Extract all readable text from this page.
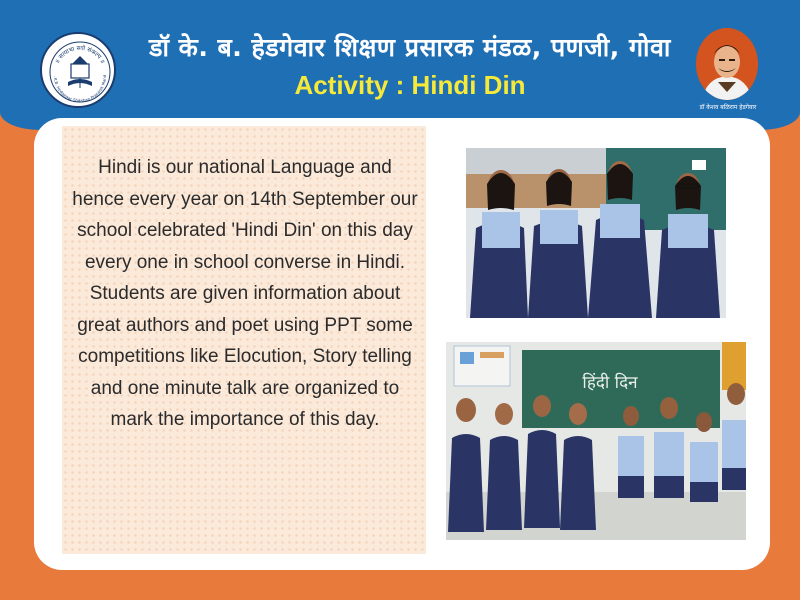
॥ सत्याचा सत्ते संकल्प ॥
. K.B. Hedgewar Shikshan Prasarak Mand
डॉ के. ब. हेडगेवार शिक्षण प्रसारक मंडळ, पणजी, गोवा
Activity : Hindi Din
डॉ केशव बळिराम हेडगेवार
Hindi is our national Language and hence every year on 14th September our school celebrated 'Hindi Din' on this day every one in school converse in Hindi. Students are given information about great authors and poet using PPT some competitions like Elocution, Story telling and one minute talk are organized to mark the importance of this day.
हिंदी दिन
